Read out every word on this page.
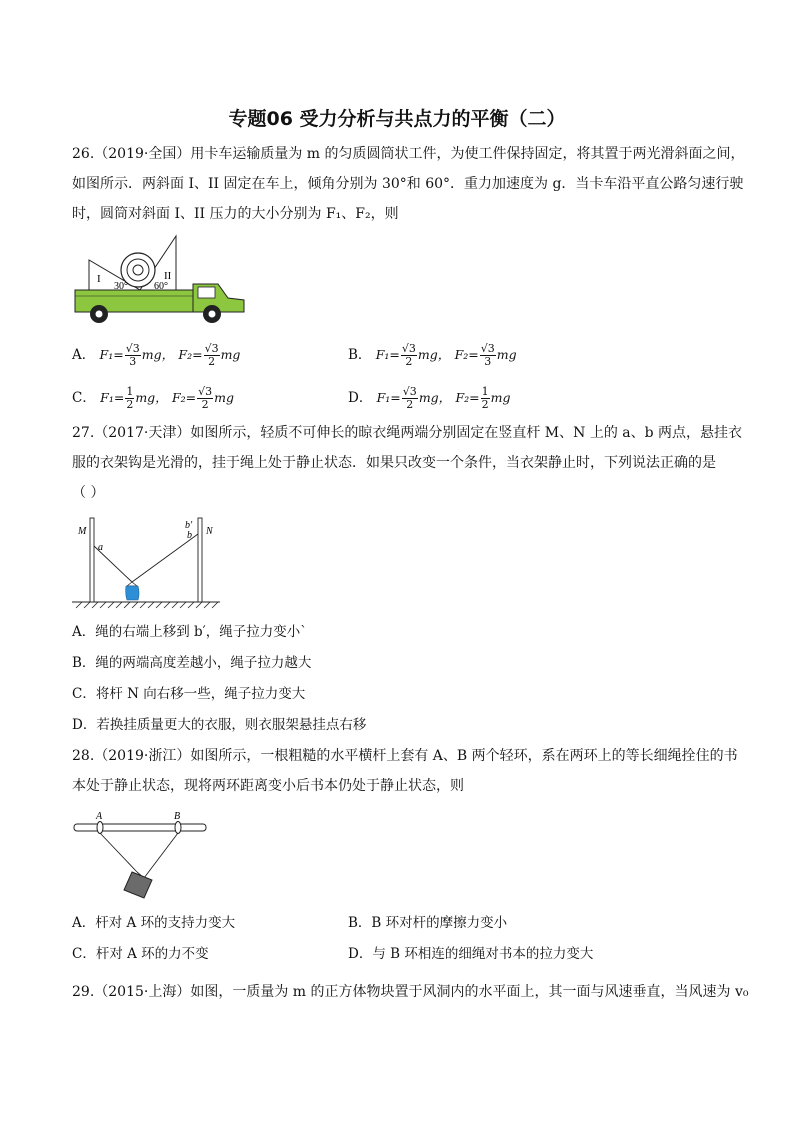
专题06 受力分析与共点力的平衡（二）
26.（2019·全国）用卡车运输质量为 m 的匀质圆筒状工件，为使工件保持固定，将其置于两光滑斜面之间，
如图所示．两斜面 I、II 固定在车上，倾角分别为 30°和 60°．重力加速度为 g．当卡车沿平直公路匀速行驶
时，圆筒对斜面 I、II 压力的大小分别为 F₁、F₂，则
I	II
30°	60°
A． $F_1= \frac{√3}{3}$ mg， $F_2= \frac{√3}{2}$ mg	B． $F_1= \frac{√3}{2}$ mg， $F_2= \frac{√3}{3}$ mg
C． $F_1= \frac{1}{2}$ mg， $F_2= \frac{√3}{2}$ mg	D． $F_1= \frac{√3}{2}$ mg， $F_2= \frac{1}{2}$ mg
27.（2017·天津）如图所示，轻质不可伸长的晾衣绳两端分别固定在竖直杆 M、N 上的 a、b 两点，悬挂衣
服的衣架钩是光滑的，挂于绳上处于静止状态．如果只改变一个条件，当衣架静止时，下列说法正确的是
（ ）
M	N
a
b′
b
A．绳的右端上移到 b′，绳子拉力变小`
B．绳的两端高度差越小，绳子拉力越大
C．将杆 N 向右移一些，绳子拉力变大
D．若换挂质量更大的衣服，则衣服架悬挂点右移
28.（2019·浙江）如图所示，一根粗糙的水平横杆上套有 A、B 两个轻环，系在两环上的等长细绳拴住的书
本处于静止状态，现将两环距离变小后书本仍处于静止状态，则
A	B
A．杆对 A 环的支持力变大	B．B 环对杆的摩擦力变小
C．杆对 A 环的力不变	D．与 B 环相连的细绳对书本的拉力变大
29.（2015·上海）如图，一质量为 m 的正方体物块置于风洞内的水平面上，其一面与风速垂直，当风速为 v₀
